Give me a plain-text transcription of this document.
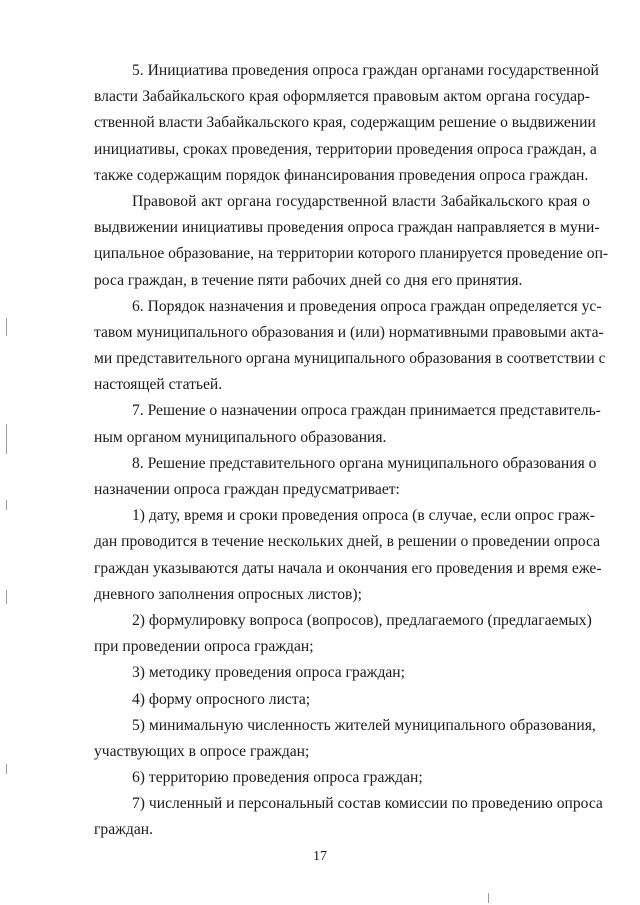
5. Инициатива проведения опроса граждан органами государственной
власти Забайкальского края оформляется правовым актом органа государ-
ственной власти Забайкальского края, содержащим решение о выдвижении
инициативы, сроках проведения, территории проведения опроса граждан, а
также содержащим порядок финансирования проведения опроса граждан.
Правовой акт органа государственной власти Забайкальского края о
выдвижении инициативы проведения опроса граждан направляется в муни-
ципальное образование, на территории которого планируется проведение оп-
роса граждан, в течение пяти рабочих дней со дня его принятия.
6. Порядок назначения и проведения опроса граждан определяется ус-
тавом муниципального образования и (или) нормативными правовыми акта-
ми представительного органа муниципального образования в соответствии с
настоящей статьей.
7. Решение о назначении опроса граждан принимается представитель-
ным органом муниципального образования.
8. Решение представительного органа муниципального образования о
назначении опроса граждан предусматривает:
1) дату, время и сроки проведения опроса (в случае, если опрос граж-
дан проводится в течение нескольких дней, в решении о проведении опроса
граждан указываются даты начала и окончания его проведения и время еже-
дневного заполнения опросных листов);
2) формулировку вопроса (вопросов), предлагаемого (предлагаемых)
при проведении опроса граждан;
3) методику проведения опроса граждан;
4) форму опросного листа;
5) минимальную численность жителей муниципального образования,
участвующих в опросе граждан;
6) территорию проведения опроса граждан;
7) численный и персональный состав комиссии по проведению опроса
граждан.
17
